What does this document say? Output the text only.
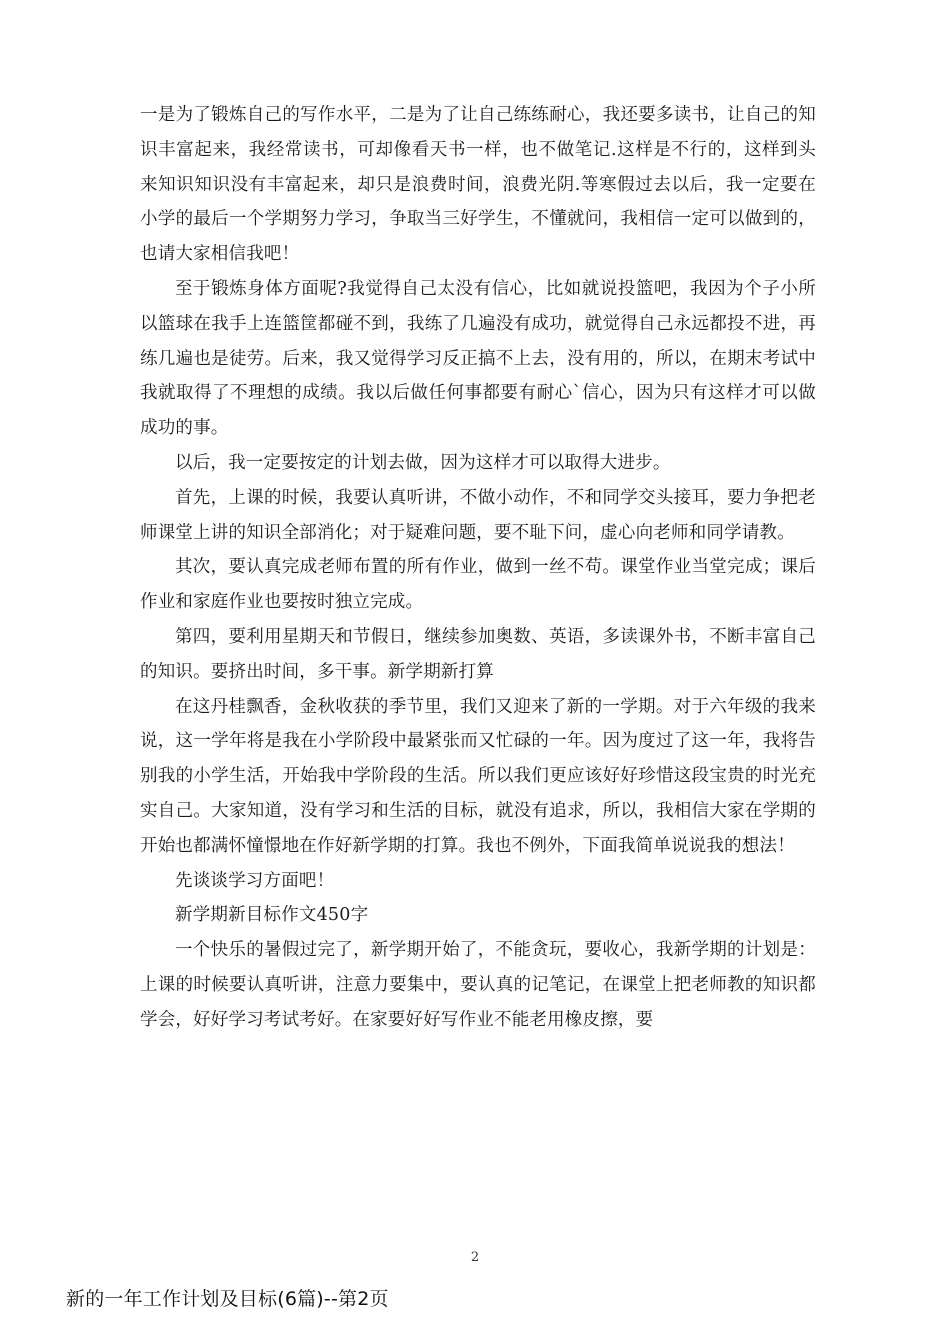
一是为了锻炼自己的写作水平，二是为了让自己练练耐心，我还要多读书，让自己的知识丰富起来，我经常读书，可却像看天书一样，也不做笔记.这样是不行的，这样到头来知识知识没有丰富起来，却只是浪费时间，浪费光阴.等寒假过去以后，我一定要在小学的最后一个学期努力学习，争取当三好学生，不懂就问，我相信一定可以做到的，也请大家相信我吧！

至于锻炼身体方面呢?我觉得自己太没有信心，比如就说投篮吧，我因为个子小所以篮球在我手上连篮筐都碰不到，我练了几遍没有成功，就觉得自己永远都投不进，再练几遍也是徒劳。后来，我又觉得学习反正搞不上去，没有用的，所以，在期末考试中我就取得了不理想的成绩。我以后做任何事都要有耐心`信心，因为只有这样才可以做成功的事。

以后，我一定要按定的计划去做，因为这样才可以取得大进步。

首先，上课的时候，我要认真听讲，不做小动作，不和同学交头接耳，要力争把老师课堂上讲的知识全部消化；对于疑难问题，要不耻下问，虚心向老师和同学请教。

其次，要认真完成老师布置的所有作业，做到一丝不苟。课堂作业当堂完成；课后作业和家庭作业也要按时独立完成。

第四，要利用星期天和节假日，继续参加奥数、英语，多读课外书，不断丰富自己的知识。要挤出时间，多干事。新学期新打算

在这丹桂飘香，金秋收获的季节里，我们又迎来了新的一学期。对于六年级的我来说，这一学年将是我在小学阶段中最紧张而又忙碌的一年。因为度过了这一年，我将告别我的小学生活，开始我中学阶段的生活。所以我们更应该好好珍惜这段宝贵的时光充实自己。大家知道，没有学习和生活的目标，就没有追求，所以，我相信大家在学期的开始也都满怀憧憬地在作好新学期的打算。我也不例外，下面我简单说说我的想法！

先谈谈学习方面吧！

新学期新目标作文450字

一个快乐的暑假过完了，新学期开始了，不能贪玩，要收心，我新学期的计划是：上课的时候要认真听讲，注意力要集中，要认真的记笔记，在课堂上把老师教的知识都学会，好好学习考试考好。在家要好好写作业不能老用橡皮擦，要

2
新的一年工作计划及目标(6篇)--第2页
